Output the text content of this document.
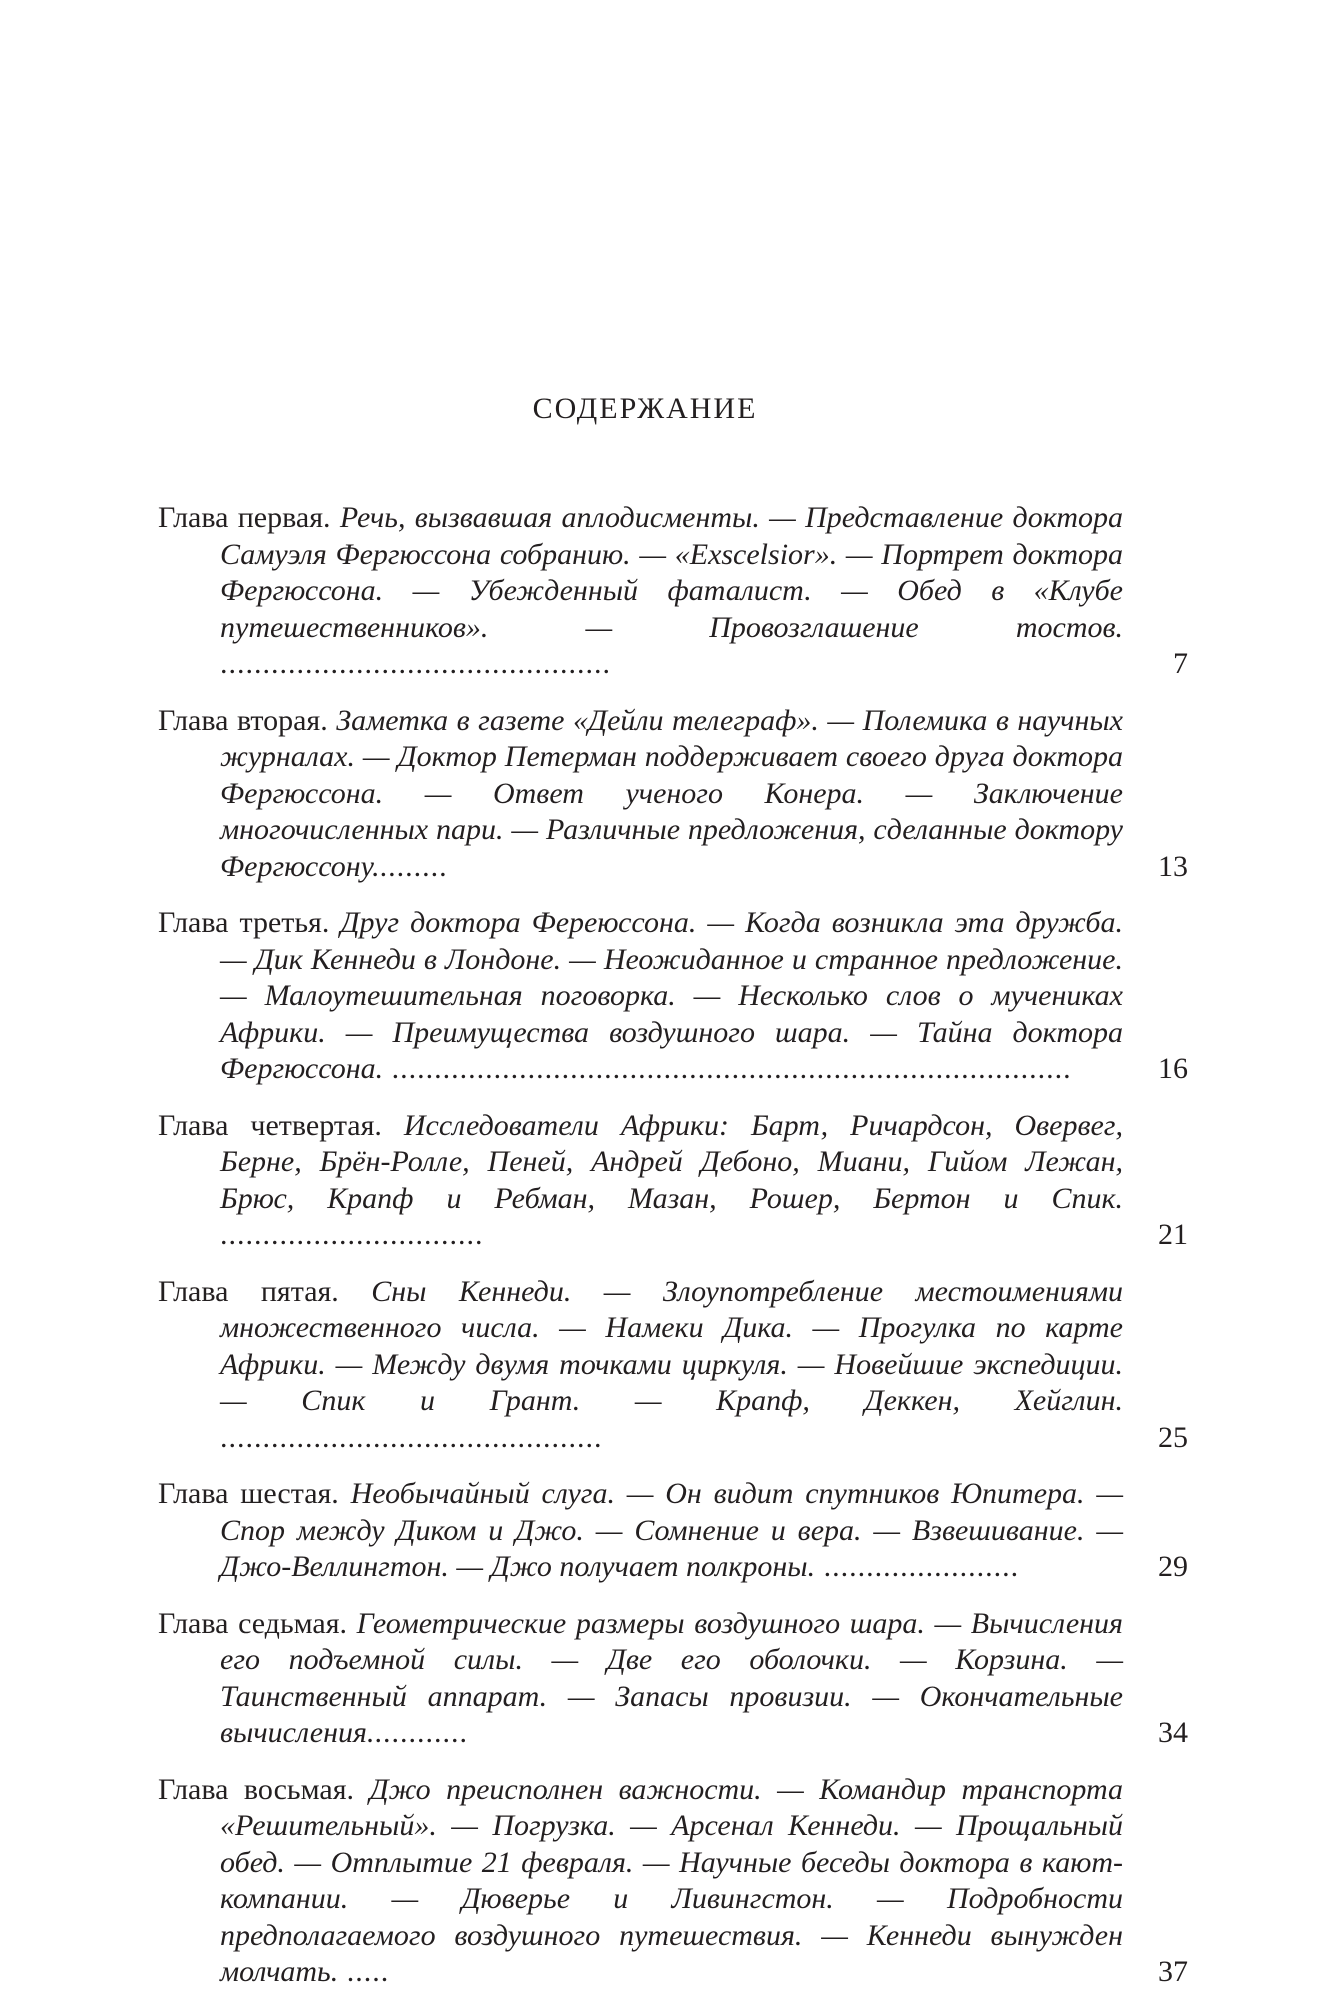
СОДЕРЖАНИЕ
Глава первая. Речь, вызвавшая аплодисменты. — Представление доктора Самуэля Фергюссона собранию. — «Exscelsior». — Портрет доктора Фергюссона. — Убежденный фаталист. — Обед в «Клубе путешественников». — Провозглашение тостов. ..............................................	7
Глава вторая. Заметка в газете «Дейли телеграф». — Полемика в научных журналах. — Доктор Петерман поддерживает своего друга доктора Фергюссона. — Ответ ученого Конера. — Заключение многочисленных пари. — Различные предложения, сделанные доктору Фергюссону.........	13
Глава третья. Друг доктора Фереюссона. — Когда возникла эта дружба. — Дик Кеннеди в Лондоне. — Неожиданное и странное предложение. — Малоутешительная поговорка. — Несколько слов о мучениках Африки. — Преимущества воздушного шара. — Тайна доктора Фергюссона. ................................................................................	16
Глава четвертая. Исследователи Африки: Барт, Ричардсон, Овервег, Берне, Брён-Ролле, Пеней, Андрей Дебоно, Миани, Гийом Лежан, Брюс, Крапф и Ребман, Мазан, Рошер, Бертон и Спик. ...............................	21
Глава пятая. Сны Кеннеди. — Злоупотребление местоимениями множественного числа. — Намеки Дика. — Прогулка по карте Африки. — Между двумя точками циркуля. — Новейшие экспедиции. — Спик и Грант. — Крапф, Деккен, Хейглин. .............................................	25
Глава шестая. Необычайный слуга. — Он видит спутников Юпитера. — Спор между Диком и Джо. — Сомнение и вера. — Взвешивание. — Джо-Веллингтон. — Джо получает полкроны. .......................	29
Глава седьмая. Геометрические размеры воздушного шара. — Вычисления его подъемной силы. — Две его оболочки. — Корзина. — Таинственный аппарат. — Запасы провизии. — Окончательные вычисления............	34
Глава восьмая. Джо преисполнен важности. — Командир транспорта «Решительный». — Погрузка. — Арсенал Кеннеди. — Прощальный обед. — Отплытие 21 февраля. — Научные беседы доктора в кают-компании. — Дюверье и Ливингстон. — Подробности предполагаемого воздушного путешествия. — Кеннеди вынужден молчать. .....	37
